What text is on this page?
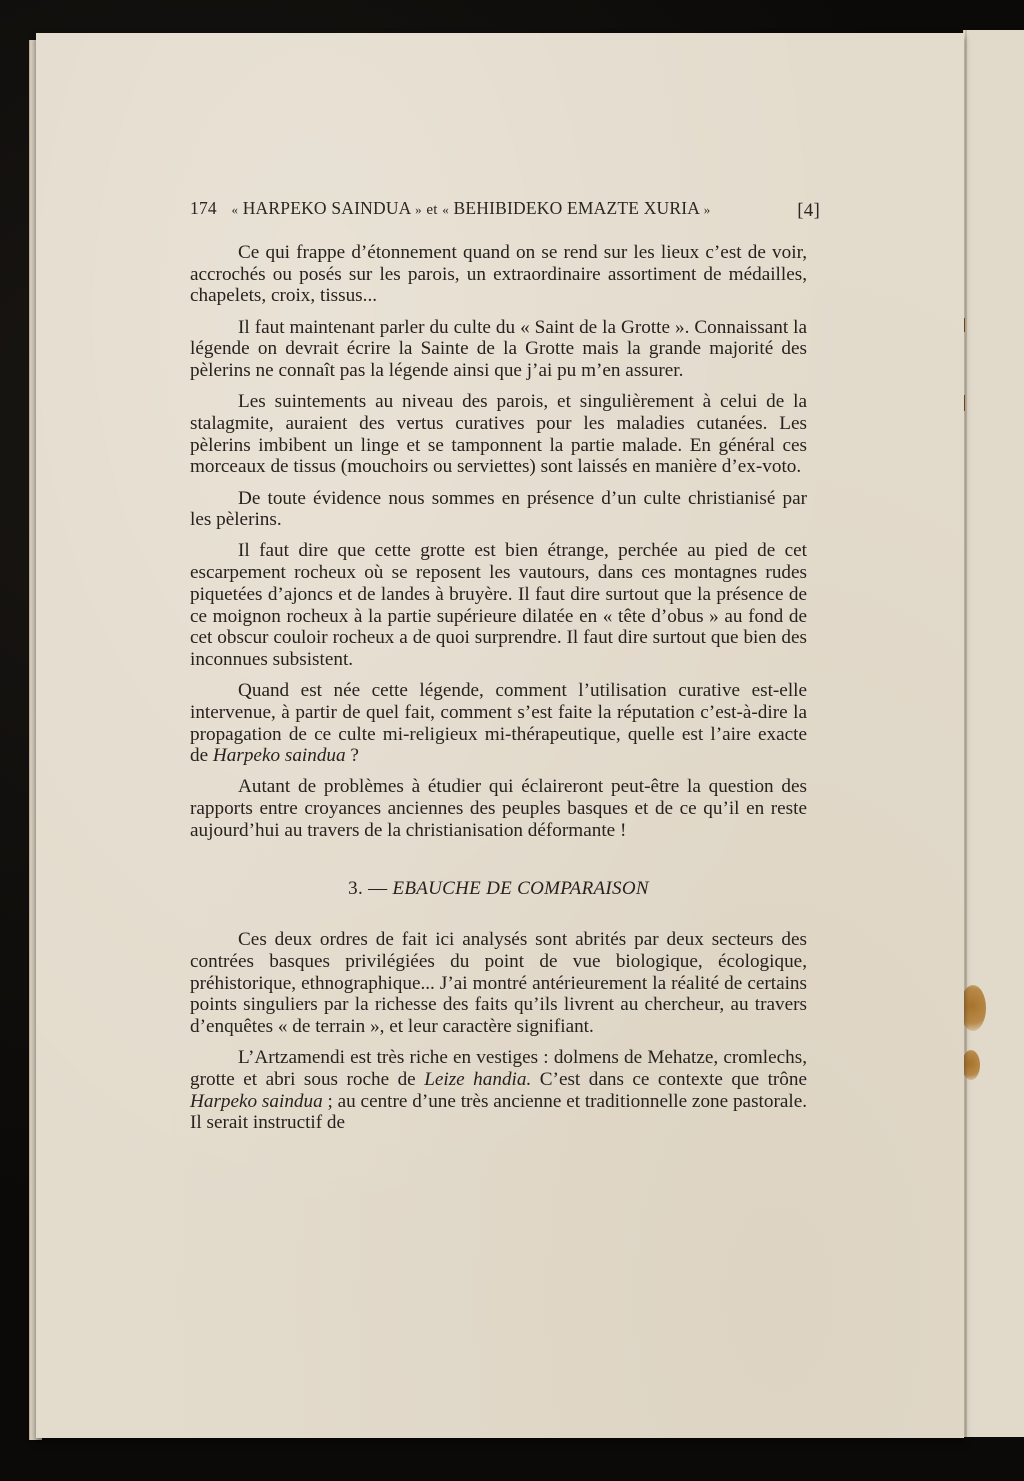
174 « HARPEKO SAINDUA » et « BEHIBIDEKO EMAZTE XURIA »	[4]

Ce qui frappe d’étonnement quand on se rend sur les lieux c’est de voir, accrochés ou posés sur les parois, un extraordinaire assortiment de médailles, chapelets, croix, tissus...

Il faut maintenant parler du culte du « Saint de la Grotte ». Connaissant la légende on devrait écrire la Sainte de la Grotte mais la grande majorité des pèlerins ne connaît pas la légende ainsi que j’ai pu m’en assurer.

Les suintements au niveau des parois, et singulièrement à celui de la stalagmite, auraient des vertus curatives pour les maladies cutanées. Les pèlerins imbibent un linge et se tamponnent la partie malade. En général ces morceaux de tissus (mouchoirs ou serviettes) sont laissés en manière d’ex-voto.

De toute évidence nous sommes en présence d’un culte christianisé par les pèlerins.

Il faut dire que cette grotte est bien étrange, perchée au pied de cet escarpement rocheux où se reposent les vautours, dans ces montagnes rudes piquetées d’ajoncs et de landes à bruyère. Il faut dire surtout que la présence de ce moignon rocheux à la partie supérieure dilatée en « tête d’obus » au fond de cet obscur couloir rocheux a de quoi surprendre. Il faut dire surtout que bien des inconnues subsistent.

Quand est née cette légende, comment l’utilisation curative est-elle intervenue, à partir de quel fait, comment s’est faite la réputation c’est-à-dire la propagation de ce culte mi-religieux mi-thérapeutique, quelle est l’aire exacte de Harpeko saindua ?

Autant de problèmes à étudier qui éclaireront peut-être la question des rapports entre croyances anciennes des peuples basques et de ce qu’il en reste aujourd’hui au travers de la christianisation déformante !

3. — EBAUCHE DE COMPARAISON

Ces deux ordres de fait ici analysés sont abrités par deux secteurs des contrées basques privilégiées du point de vue biologique, écologique, préhistorique, ethnographique... J’ai montré antérieurement la réalité de certains points singuliers par la richesse des faits qu’ils livrent au chercheur, au travers d’enquêtes « de terrain », et leur caractère signifiant.

L’Artzamendi est très riche en vestiges : dolmens de Mehatze, cromlechs, grotte et abri sous roche de Leize handia. C’est dans ce contexte que trône Harpeko saindua ; au centre d’une très ancienne et traditionnelle zone pastorale. Il serait instructif de
